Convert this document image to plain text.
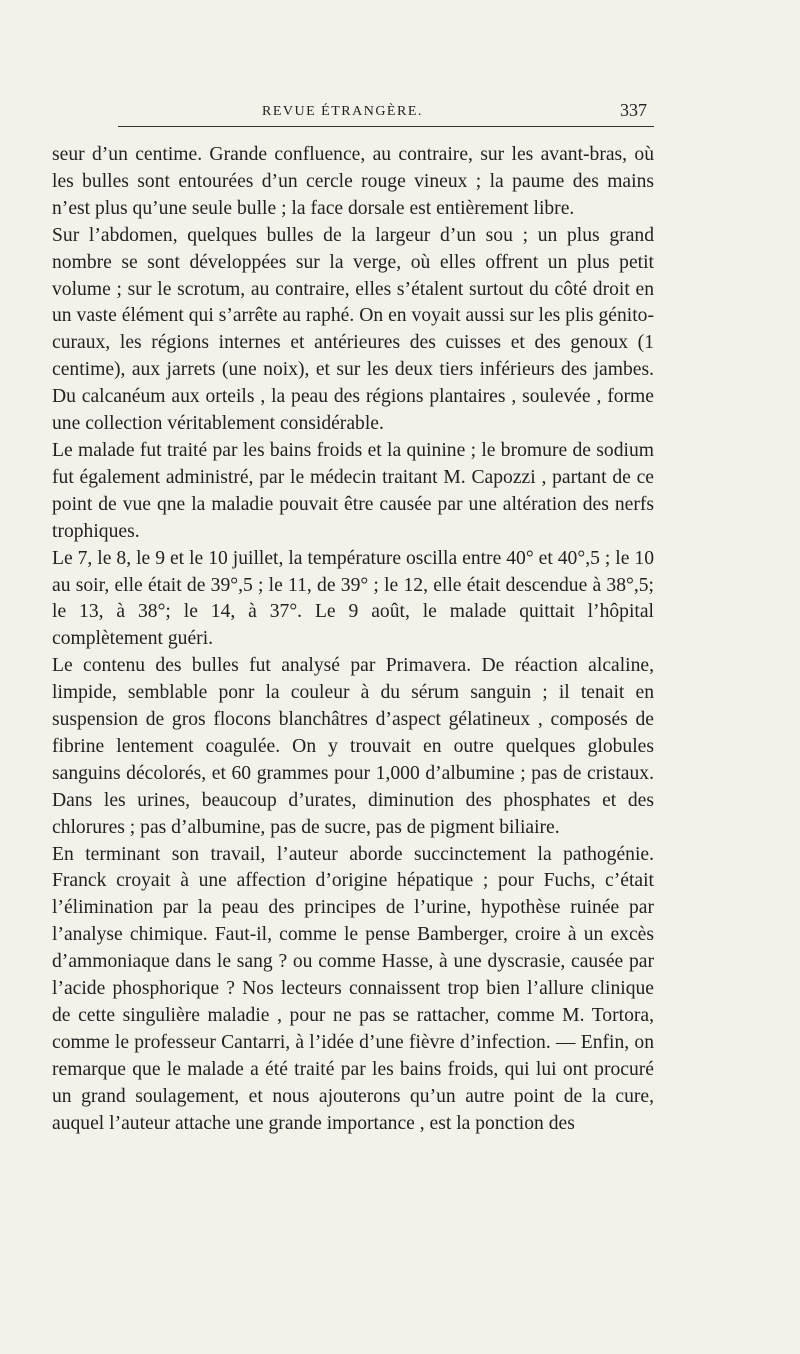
REVUE ÉTRANGÈRE.	337

seur d’un centime. Grande confluence, au contraire, sur les avant-bras, où les bulles sont entourées d’un cercle rouge vineux ; la paume des mains n’est plus qu’une seule bulle ; la face dorsale est entièrement libre.

Sur l’abdomen, quelques bulles de la largeur d’un sou ; un plus grand nombre se sont développées sur la verge, où elles offrent un plus petit volume ; sur le scrotum, au contraire, elles s’étalent surtout du côté droit en un vaste élément qui s’arrête au raphé. On en voyait aussi sur les plis génito-curaux, les régions internes et antérieures des cuisses et des genoux (1 centime), aux jarrets (une noix), et sur les deux tiers inférieurs des jambes. Du calcanéum aux orteils , la peau des régions plantaires , soulevée , forme une collection véritablement considérable.

Le malade fut traité par les bains froids et la quinine ; le bromure de sodium fut également administré, par le médecin traitant M. Capozzi , partant de ce point de vue qne la maladie pouvait être causée par une altération des nerfs trophiques.

Le 7, le 8, le 9 et le 10 juillet, la température oscilla entre 40° et 40°,5 ; le 10 au soir, elle était de 39°,5 ; le 11, de 39° ; le 12, elle était descendue à 38°,5; le 13, à 38°; le 14, à 37°. Le 9 août, le malade quittait l’hôpital complètement guéri.

Le contenu des bulles fut analysé par Primavera. De réaction alcaline, limpide, semblable ponr la couleur à du sérum sanguin ; il tenait en suspension de gros flocons blanchâtres d’aspect gélatineux , composés de fibrine lentement coagulée. On y trouvait en outre quelques globules sanguins décolorés, et 60 grammes pour 1,000 d’albumine ; pas de cristaux. Dans les urines, beaucoup d’urates, diminution des phosphates et des chlorures ; pas d’albumine, pas de sucre, pas de pigment biliaire.

En terminant son travail, l’auteur aborde succinctement la pathogénie. Franck croyait à une affection d’origine hépatique ; pour Fuchs, c’était l’élimination par la peau des principes de l’urine, hypothèse ruinée par l’analyse chimique. Faut-il, comme le pense Bamberger, croire à un excès d’ammoniaque dans le sang ? ou comme Hasse, à une dyscrasie, causée par l’acide phosphorique ? Nos lecteurs connaissent trop bien l’allure clinique de cette singulière maladie , pour ne pas se rattacher, comme M. Tortora, comme le professeur Cantarri, à l’idée d’une fièvre d’infection. — Enfin, on remarque que le malade a été traité par les bains froids, qui lui ont procuré un grand soulagement, et nous ajouterons qu’un autre point de la cure, auquel l’auteur attache une grande importance , est la ponction des
